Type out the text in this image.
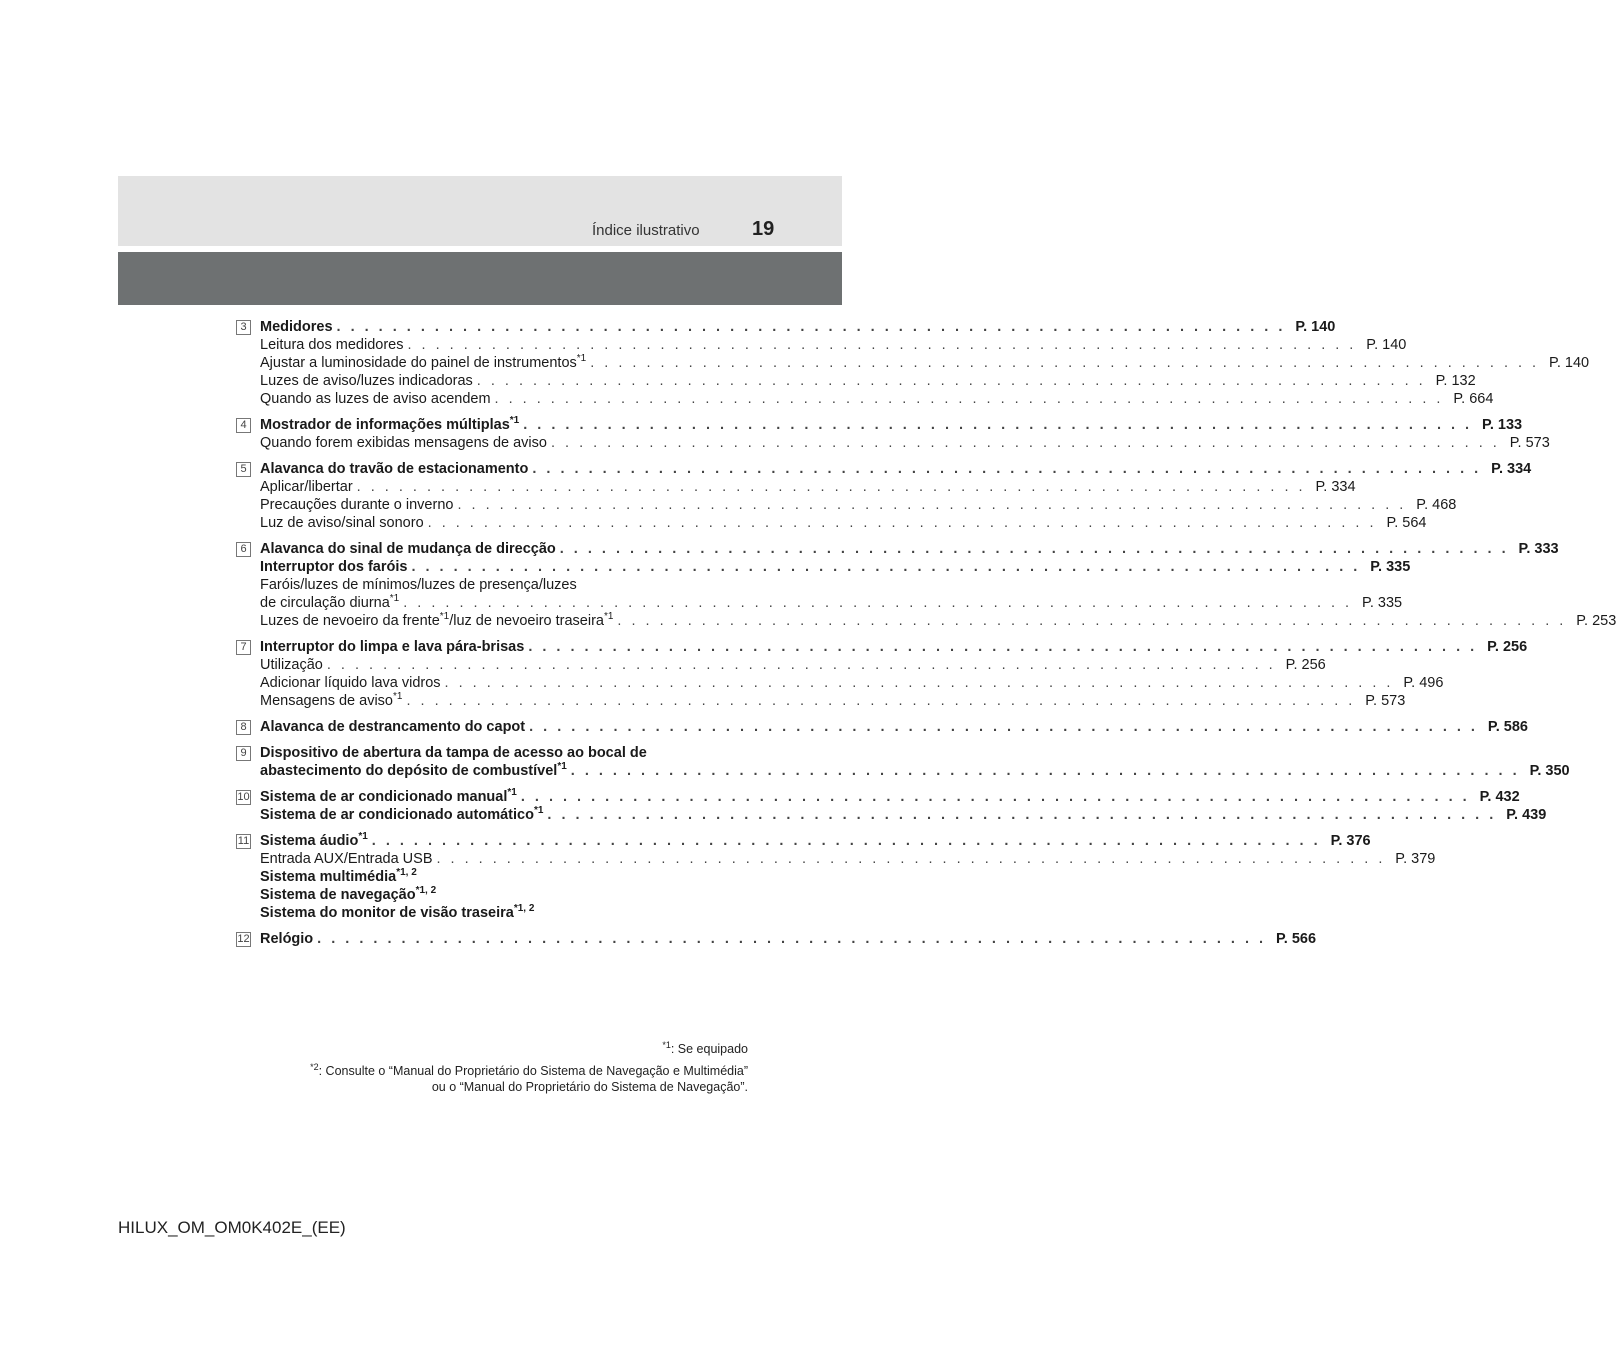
Índice ilustrativo	19
3 Medidores . . .	P. 140
Leitura dos medidores . . .	P. 140
Ajustar a luminosidade do painel de instrumentos$^{*1}$ . . .	P. 140
Luzes de aviso/luzes indicadoras . . .	P. 132
Quando as luzes de aviso acendem . . .	P. 664
4 Mostrador de informações múltiplas$^{*1}$ . . .	P. 133
Quando forem exibidas mensagens de aviso . . .	P. 573
5 Alavanca do travão de estacionamento . . .	P. 334
Aplicar/libertar . . .	P. 334
Precauções durante o inverno . . .	P. 468
Luz de aviso/sinal sonoro . . .	P. 564
6 Alavanca do sinal de mudança de direcção . . .	P. 333
Interruptor dos faróis . . .	P. 335
Faróis/luzes de mínimos/luzes de presença/luzes
de circulação diurna$^{*1}$ . . .	P. 335
Luzes de nevoeiro da frente$^{*1}$/luz de nevoeiro traseira$^{*1}$ . . .	P. 253
7 Interruptor do limpa e lava pára-brisas . . .	P. 256
Utilização . . .	P. 256
Adicionar líquido lava vidros . . .	P. 496
Mensagens de aviso$^{*1}$ . . .	P. 573
8 Alavanca de destrancamento do capot . . .	P. 586
9 Dispositivo de abertura da tampa de acesso ao bocal de
abastecimento do depósito de combustível$^{*1}$ . . .	P. 350
10 Sistema de ar condicionado manual$^{*1}$ . . .	P. 432
Sistema de ar condicionado automático$^{*1}$ . . .	P. 439
11 Sistema áudio$^{*1}$ . . .	P. 376
Entrada AUX/Entrada USB . . .	P. 379
Sistema multimédia$^{*1, 2}$
Sistema de navegação$^{*1, 2}$
Sistema do monitor de visão traseira$^{*1, 2}$
12 Relógio . . .	P. 566
$^{*1}$: Se equipado
$^{*2}$: Consulte o “Manual do Proprietário do Sistema de Navegação e Multimédia”
ou o “Manual do Proprietário do Sistema de Navegação”.
HILUX_OM_OM0K402E_(EE)
